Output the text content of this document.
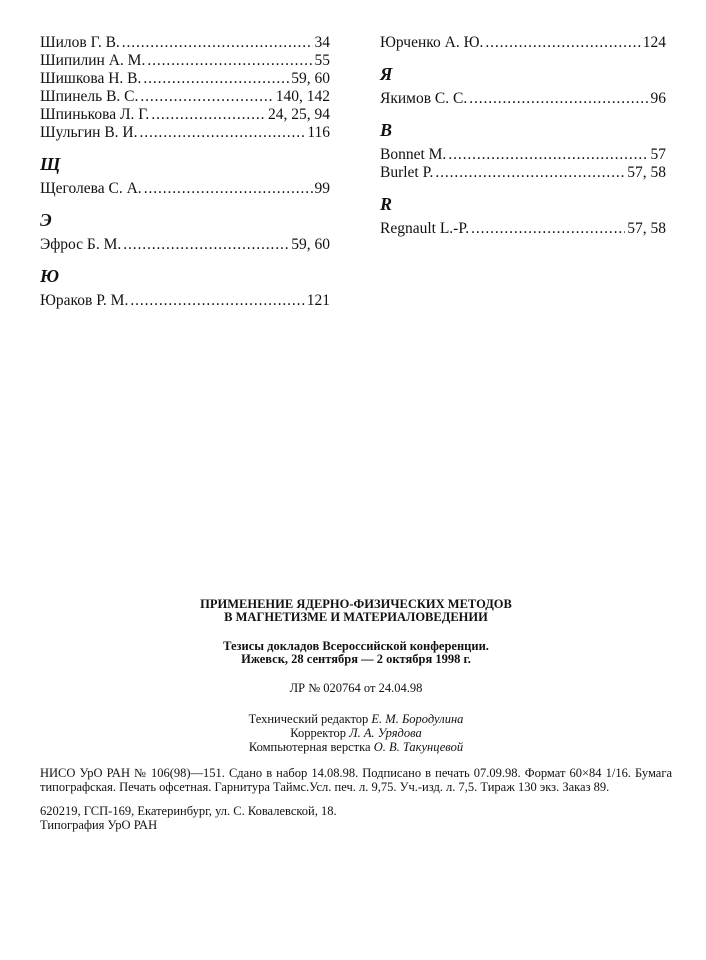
Шилов Г. В. . . .	34
Шипилин А. М. . . .	55
Шишкова Н. В. . . .	59, 60
Шпинель В. С. . . .	140, 142
Шпинькова Л. Г. . . .	24, 25, 94
Шульгин В. И. . . .	116
Щ
Щеголева С. А. . . .	99
Э
Эфрос Б. М. . . .	59, 60
Ю
Юраков Р. М. . . .	121
Юрченко А. Ю. . . .	124
Я
Якимов С. С. . . .	96
B
Bonnet M. . . .	57
Burlet P. . . .	57, 58
R
Regnault L.-P. . . .	57, 58
ПРИМЕНЕНИЕ ЯДЕРНО-ФИЗИЧЕСКИХ МЕТОДОВ
В МАГНЕТИЗМЕ И МАТЕРИАЛОВЕДЕНИИ
Тезисы докладов Всероссийской конференции.
Ижевск, 28 сентября — 2 октября 1998 г.
ЛР № 020764 от 24.04.98
Технический редактор Е. М. Бородулина
Корректор Л. А. Урядова
Компьютерная верстка О. В. Такунцевой
НИСО УрО РАН № 106(98)—151. Сдано в набор 14.08.98. Подписано в печать 07.09.98. Формат 60×84 1/16. Бумага типографская. Печать офсетная. Гарнитура Таймс.Усл. печ. л. 9,75. Уч.-изд. л. 7,5. Тираж 130 экз. Заказ 89.
620219, ГСП-169, Екатеринбург, ул. С. Ковалевской, 18.
Типография УрО РАН
